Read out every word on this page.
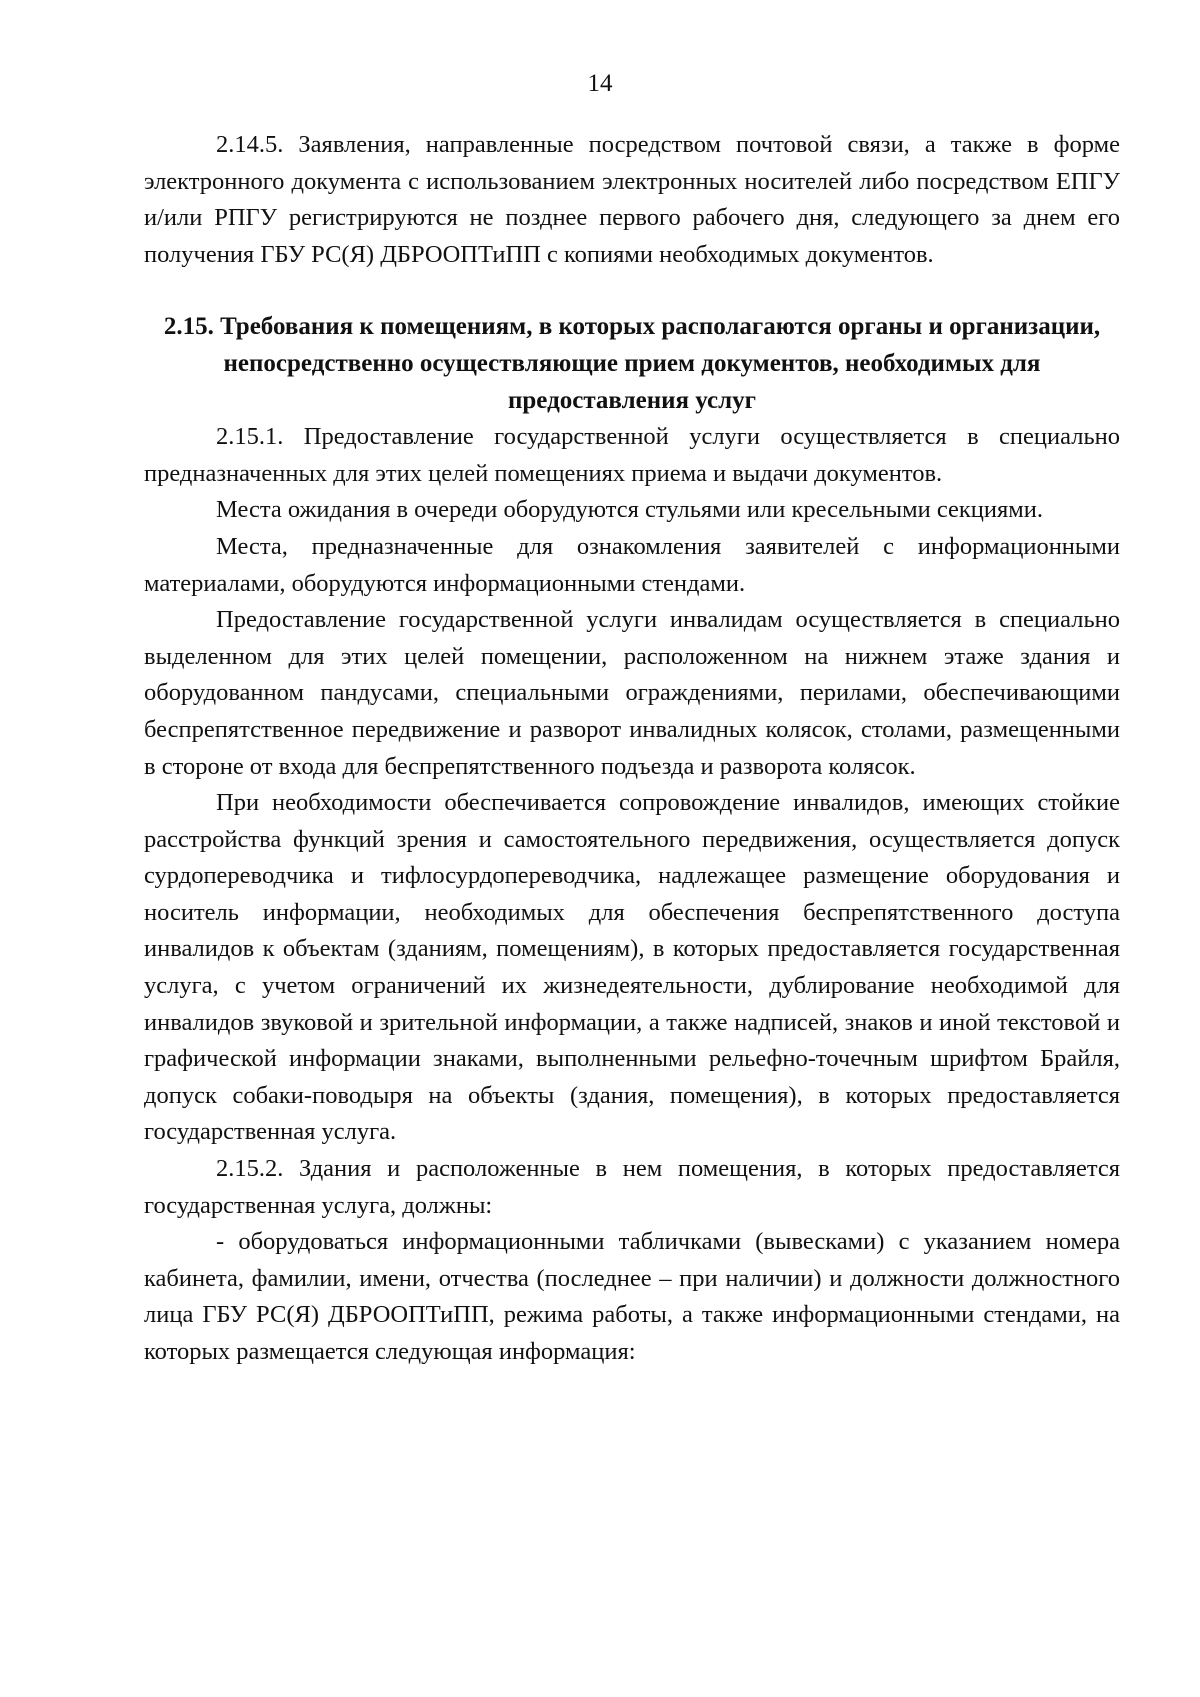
14

2.14.5. Заявления, направленные посредством почтовой связи, а также в форме электронного документа с использованием электронных носителей либо посредством ЕПГУ и/или РПГУ регистрируются не позднее первого рабочего дня, следующего за днем его получения ГБУ РС(Я) ДБРООПТиПП с копиями необходимых документов.

2.15. Требования к помещениям, в которых располагаются органы и организации, непосредственно осуществляющие прием документов, необходимых для предоставления услуг

2.15.1. Предоставление государственной услуги осуществляется в специально предназначенных для этих целей помещениях приема и выдачи документов.

Места ожидания в очереди оборудуются стульями или кресельными секциями.

Места, предназначенные для ознакомления заявителей с информационными материалами, оборудуются информационными стендами.

Предоставление государственной услуги инвалидам осуществляется в специально выделенном для этих целей помещении, расположенном на нижнем этаже здания и оборудованном пандусами, специальными ограждениями, перилами, обеспечивающими беспрепятственное передвижение и разворот инвалидных колясок, столами, размещенными в стороне от входа для беспрепятственного подъезда и разворота колясок.

При необходимости обеспечивается сопровождение инвалидов, имеющих стойкие расстройства функций зрения и самостоятельного передвижения, осуществляется допуск сурдопереводчика и тифлосурдопереводчика, надлежащее размещение оборудования и носитель информации, необходимых для обеспечения беспрепятственного доступа инвалидов к объектам (зданиям, помещениям), в которых предоставляется государственная услуга, с учетом ограничений их жизнедеятельности, дублирование необходимой для инвалидов звуковой и зрительной информации, а также надписей, знаков и иной текстовой и графической информации знаками, выполненными рельефно-точечным шрифтом Брайля, допуск собаки-поводыря на объекты (здания, помещения), в которых предоставляется государственная услуга.

2.15.2. Здания и расположенные в нем помещения, в которых предоставляется государственная услуга, должны:

- оборудоваться информационными табличками (вывесками) с указанием номера кабинета, фамилии, имени, отчества (последнее – при наличии) и должности должностного лица ГБУ РС(Я) ДБРООПТиПП, режима работы, а также информационными стендами, на которых размещается следующая информация:
